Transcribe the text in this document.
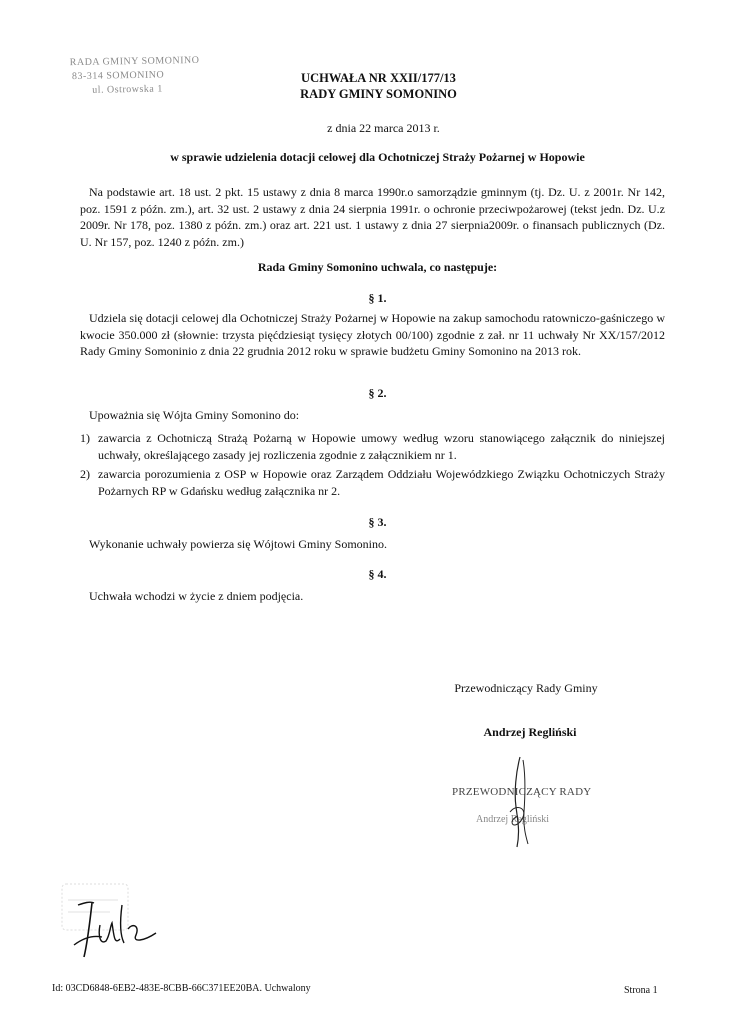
RADA GMINY SOMONINO
83-314 SOMONINO
ul. Ostrowska 1
UCHWAŁA NR XXII/177/13
RADY GMINY SOMONINO
z dnia 22 marca 2013 r.
w sprawie udzielenia dotacji celowej dla Ochotniczej Straży Pożarnej w Hopowie
Na podstawie art. 18 ust. 2 pkt. 15 ustawy z dnia 8 marca 1990r.o samorządzie gminnym (tj. Dz. U. z 2001r. Nr 142, poz. 1591 z późn. zm.), art. 32 ust. 2 ustawy z dnia 24 sierpnia 1991r. o ochronie przeciwpożarowej (tekst jedn. Dz. U.z 2009r. Nr 178, poz. 1380 z późn. zm.) oraz art. 221 ust. 1 ustawy z dnia 27 sierpnia2009r. o finansach publicznych (Dz. U. Nr 157, poz. 1240 z późn. zm.)
Rada Gminy Somonino uchwala, co następuje:
§ 1.
Udziela się dotacji celowej dla Ochotniczej Straży Pożarnej w Hopowie na zakup samochodu ratowniczo-gaśniczego w kwocie 350.000 zł (słownie: trzysta pięćdziesiąt tysięcy złotych 00/100) zgodnie z zał. nr 11 uchwały Nr XX/157/2012 Rady Gminy Somoninio z dnia 22 grudnia 2012 roku w sprawie budżetu Gminy Somonino na 2013 rok.
§ 2.
Upoważnia się Wójta Gminy Somonino do:
1) zawarcia z Ochotniczą Strażą Pożarną w Hopowie umowy według wzoru stanowiącego załącznik do niniejszej uchwały, określającego zasady jej rozliczenia zgodnie z załącznikiem nr 1.
2) zawarcia porozumienia z OSP w Hopowie oraz Zarządem Oddziału Wojewódzkiego Związku Ochotniczych Straży Pożarnych RP w Gdańsku według załącznika nr 2.
§ 3.
Wykonanie uchwały powierza się Wójtowi Gminy Somonino.
§ 4.
Uchwała wchodzi w życie z dniem podjęcia.
Przewodniczący Rady Gminy
Andrzej Regliński
PRZEWODNICZĄCY RADY
Andrzej Regliński
Id: 03CD6848-6EB2-483E-8CBB-66C371EE20BA. Uchwalony	Strona 1
